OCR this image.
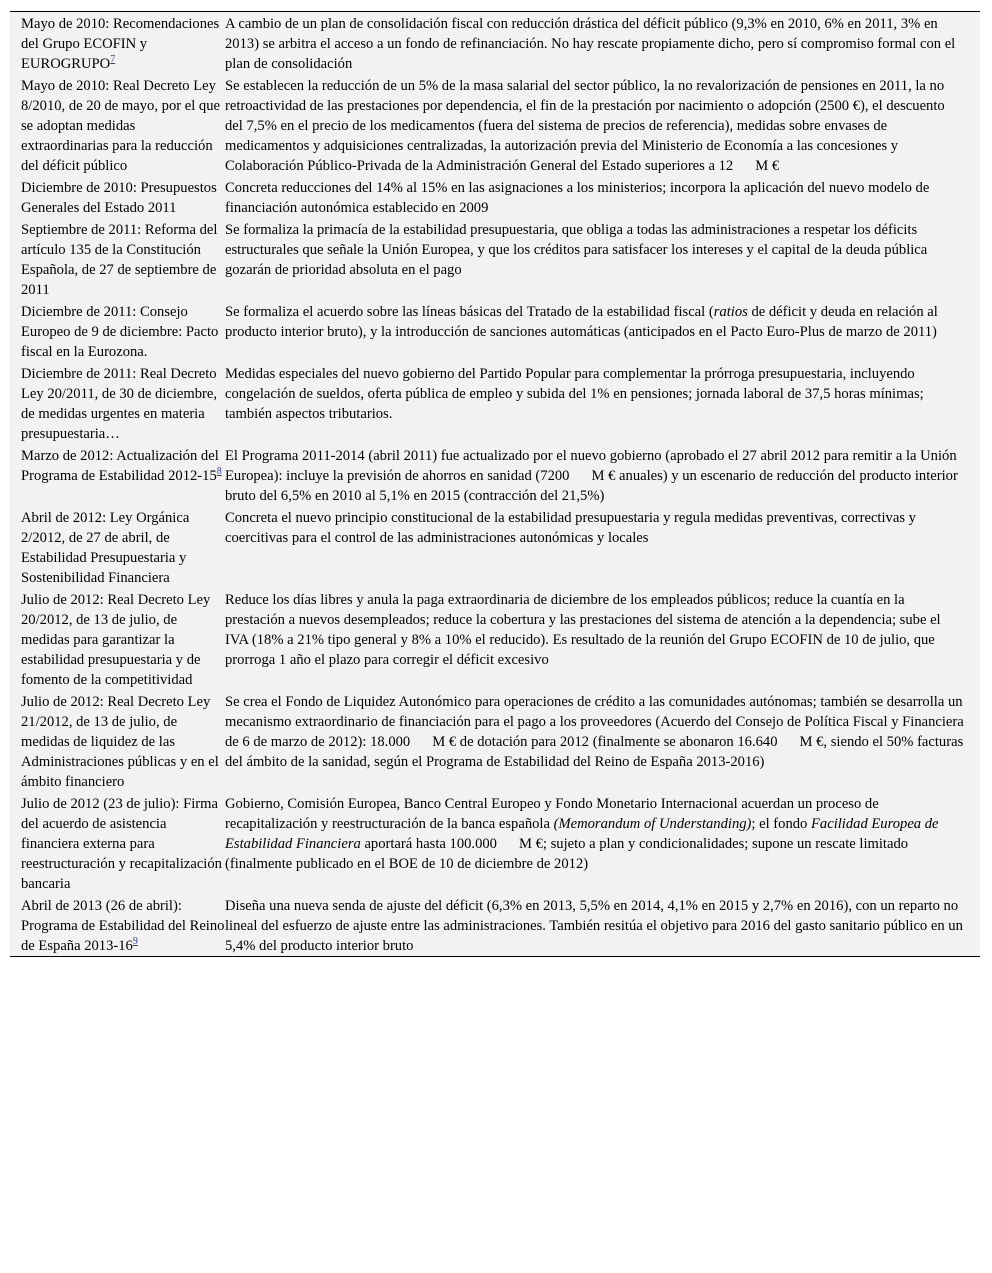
Mayo de 2010: Recomendaciones del Grupo ECOFIN y EUROGRUPO$^7$	A cambio de un plan de consolidación fiscal con reducción drástica del déficit público (9,3% en 2010, 6% en 2011, 3% en 2013) se arbitra el acceso a un fondo de refinanciación. No hay rescate propiamente dicho, pero sí compromiso formal con el plan de consolidación
Mayo de 2010: Real Decreto Ley 8/2010, de 20 de mayo, por el que se adoptan medidas extraordinarias para la reducción del déficit público	Se establecen la reducción de un 5% de la masa salarial del sector público, la no revalorización de pensiones en 2011, la no retroactividad de las prestaciones por dependencia, el fin de la prestación por nacimiento o adopción (2500 €), el descuento del 7,5% en el precio de los medicamentos (fuera del sistema de precios de referencia), medidas sobre envases de medicamentos y adquisiciones centralizadas, la autorización previa del Ministerio de Economía a las concesiones y Colaboración Público-Privada de la Administración General del Estado superiores a 12 M €
Diciembre de 2010: Presupuestos Generales del Estado 2011	Concreta reducciones del 14% al 15% en las asignaciones a los ministerios; incorpora la aplicación del nuevo modelo de financiación autonómica establecido en 2009
Septiembre de 2011: Reforma del artículo 135 de la Constitución Española, de 27 de septiembre de 2011	Se formaliza la primacía de la estabilidad presupuestaria, que obliga a todas las administraciones a respetar los déficits estructurales que señale la Unión Europea, y que los créditos para satisfacer los intereses y el capital de la deuda pública gozarán de prioridad absoluta en el pago
Diciembre de 2011: Consejo Europeo de 9 de diciembre: Pacto fiscal en la Eurozona.	Se formaliza el acuerdo sobre las líneas básicas del Tratado de la estabilidad fiscal (ratios de déficit y deuda en relación al producto interior bruto), y la introducción de sanciones automáticas (anticipados en el Pacto Euro-Plus de marzo de 2011)
Diciembre de 2011: Real Decreto Ley 20/2011, de 30 de diciembre, de medidas urgentes en materia presupuestaria…	Medidas especiales del nuevo gobierno del Partido Popular para complementar la prórroga presupuestaria, incluyendo congelación de sueldos, oferta pública de empleo y subida del 1% en pensiones; jornada laboral de 37,5 horas mínimas; también aspectos tributarios.
Marzo de 2012: Actualización del Programa de Estabilidad 2012-15$^8$	El Programa 2011-2014 (abril 2011) fue actualizado por el nuevo gobierno (aprobado el 27 abril 2012 para remitir a la Unión Europea): incluye la previsión de ahorros en sanidad (7200 M € anuales) y un escenario de reducción del producto interior bruto del 6,5% en 2010 al 5,1% en 2015 (contracción del 21,5%)
Abril de 2012: Ley Orgánica 2/2012, de 27 de abril, de Estabilidad Presupuestaria y Sostenibilidad Financiera	Concreta el nuevo principio constitucional de la estabilidad presupuestaria y regula medidas preventivas, correctivas y coercitivas para el control de las administraciones autonómicas y locales
Julio de 2012: Real Decreto Ley 20/2012, de 13 de julio, de medidas para garantizar la estabilidad presupuestaria y de fomento de la competitividad	Reduce los días libres y anula la paga extraordinaria de diciembre de los empleados públicos; reduce la cuantía en la prestación a nuevos desempleados; reduce la cobertura y las prestaciones del sistema de atención a la dependencia; sube el IVA (18% a 21% tipo general y 8% a 10% el reducido). Es resultado de la reunión del Grupo ECOFIN de 10 de julio, que prorroga 1 año el plazo para corregir el déficit excesivo
Julio de 2012: Real Decreto Ley 21/2012, de 13 de julio, de medidas de liquidez de las Administraciones públicas y en el ámbito financiero	Se crea el Fondo de Liquidez Autonómico para operaciones de crédito a las comunidades autónomas; también se desarrolla un mecanismo extraordinario de financiación para el pago a los proveedores (Acuerdo del Consejo de Política Fiscal y Financiera de 6 de marzo de 2012): 18.000 M € de dotación para 2012 (finalmente se abonaron 16.640 M €, siendo el 50% facturas del ámbito de la sanidad, según el Programa de Estabilidad del Reino de España 2013-2016)
Julio de 2012 (23 de julio): Firma del acuerdo de asistencia financiera externa para reestructuración y recapitalización bancaria	Gobierno, Comisión Europea, Banco Central Europeo y Fondo Monetario Internacional acuerdan un proceso de recapitalización y reestructuración de la banca española (Memorandum of Understanding); el fondo Facilidad Europea de Estabilidad Financiera aportará hasta 100.000 M €; sujeto a plan y condicionalidades; supone un rescate limitado (finalmente publicado en el BOE de 10 de diciembre de 2012)
Abril de 2013 (26 de abril): Programa de Estabilidad del Reino de España 2013-16$^9$	Diseña una nueva senda de ajuste del déficit (6,3% en 2013, 5,5% en 2014, 4,1% en 2015 y 2,7% en 2016), con un reparto no lineal del esfuerzo de ajuste entre las administraciones. También resitúa el objetivo para 2016 del gasto sanitario público en un 5,4% del producto interior bruto
